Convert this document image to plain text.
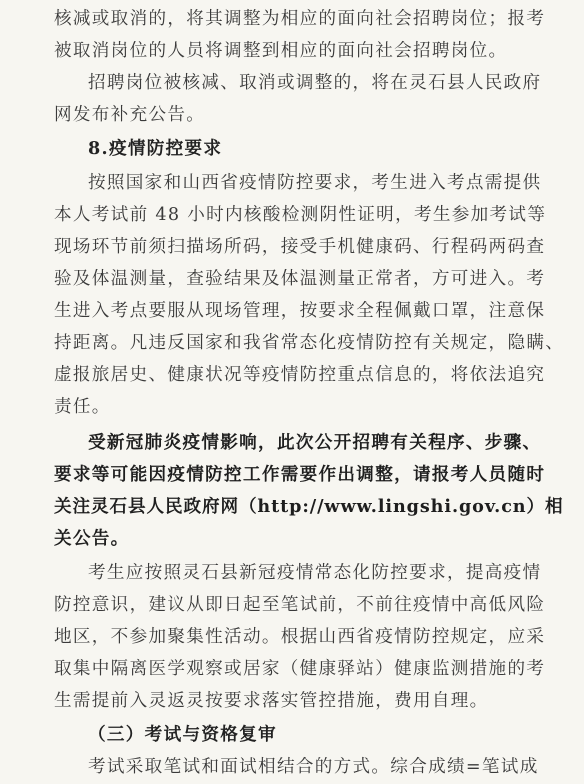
核减或取消的，将其调整为相应的面向社会招聘岗位；报考
被取消岗位的人员将调整到相应的面向社会招聘岗位。
招聘岗位被核减、取消或调整的，将在灵石县人民政府
网发布补充公告。
8.疫情防控要求
按照国家和山西省疫情防控要求，考生进入考点需提供
本人考试前 48 小时内核酸检测阴性证明，考生参加考试等
现场环节前须扫描场所码，接受手机健康码、行程码两码查
验及体温测量，查验结果及体温测量正常者，方可进入。考
生进入考点要服从现场管理，按要求全程佩戴口罩，注意保
持距离。凡违反国家和我省常态化疫情防控有关规定，隐瞒、
虚报旅居史、健康状况等疫情防控重点信息的，将依法追究
责任。
受新冠肺炎疫情影响，此次公开招聘有关程序、步骤、
要求等可能因疫情防控工作需要作出调整，请报考人员随时
关注灵石县人民政府网（http://www.lingshi.gov.cn）相
关公告。
考生应按照灵石县新冠疫情常态化防控要求，提高疫情
防控意识，建议从即日起至笔试前，不前往疫情中高低风险
地区，不参加聚集性活动。根据山西省疫情防控规定，应采
取集中隔离医学观察或居家（健康驿站）健康监测措施的考
生需提前入灵返灵按要求落实管控措施，费用自理。
（三）考试与资格复审
考试采取笔试和面试相结合的方式。综合成绩=笔试成
